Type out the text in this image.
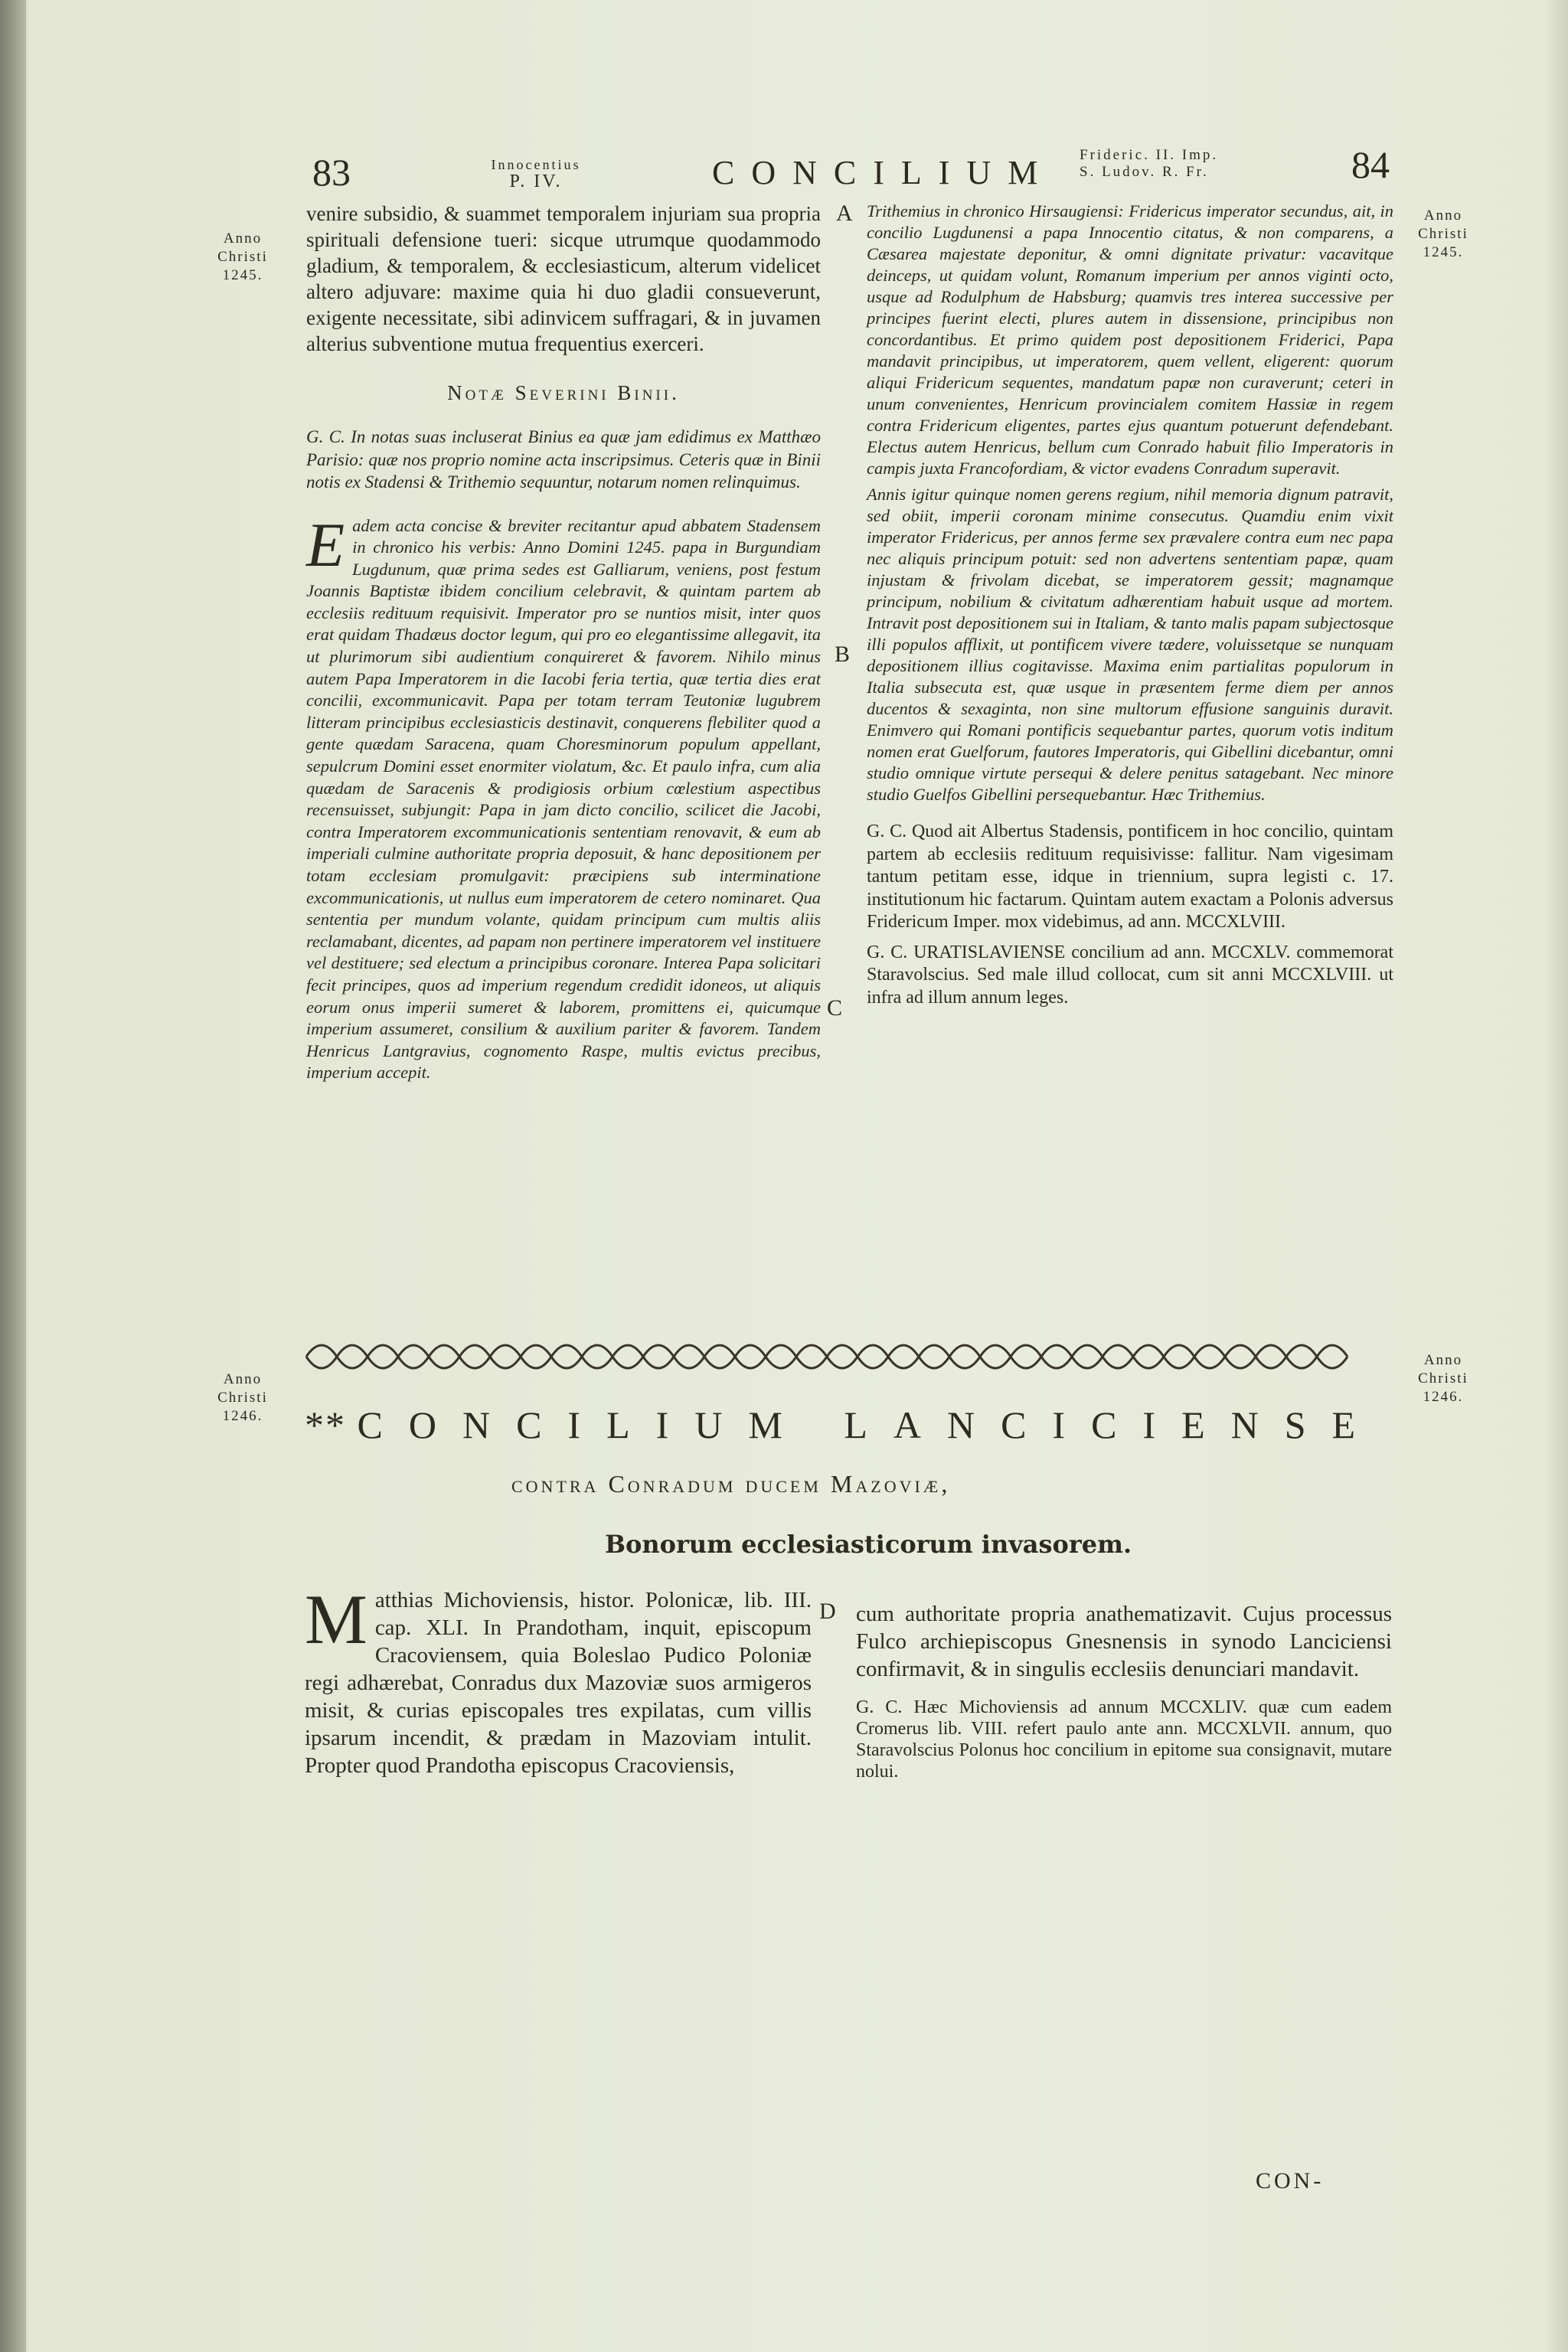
83	Innocentius
P. IV.	CONCILIUM Frideric. II. Imp.
S. Ludov. R. Fr.	84
Anno
Christi
1245.
Anno
Christi
1245.
Anno
Christi
1246.
Anno
Christi
1246.
A
B
C
D

venire subsidio, & suammet temporalem injuriam sua propria spirituali defensione tueri: sicque utrumque quodammodo gladium, & temporalem, & ecclesiasticum, alterum videlicet altero adjuvare: maxime quia hi duo gladii consueverunt, exigente necessitate, sibi adinvicem suffragari, & in juvamen alterius subventione mutua frequentius exerceri.

Notæ Severini Binii.

G. C. In notas suas incluserat Binius ea quæ jam edidimus ex Matthæo Parisio: quæ nos proprio nomine acta inscripsimus. Ceteris quæ in Binii notis ex Stadensi & Trithemio sequuntur, notarum nomen relinquimus.

Eadem acta concise & breviter recitantur apud abbatem Stadensem in chronico his verbis: Anno Domini 1245. papa in Burgundiam Lugdunum, quæ prima sedes est Galliarum, veniens, post festum Joannis Baptistæ ibidem concilium celebravit, & quintam partem ab ecclesiis redituum requisivit. Imperator pro se nuntios misit, inter quos erat quidam Thadæus doctor legum, qui pro eo elegantissime allegavit, ita ut plurimorum sibi audientium conquireret & favorem. Nihilo minus autem Papa Imperatorem in die Iacobi feria tertia, quæ tertia dies erat concilii, excommunicavit. Papa per totam terram Teutoniæ lugubrem litteram principibus ecclesiasticis destinavit, conquerens flebiliter quod a gente quædam Saracena, quam Choresminorum populum appellant, sepulcrum Domini esset enormiter violatum, &c. Et paulo infra, cum alia quædam de Saracenis & prodigiosis orbium cœlestium aspectibus recensuisset, subjungit: Papa in jam dicto concilio, scilicet die Jacobi, contra Imperatorem excommunicationis sententiam renovavit, & eum ab imperiali culmine authoritate propria deposuit, & hanc depositionem per totam ecclesiam promulgavit: præcipiens sub interminatione excommunicationis, ut nullus eum imperatorem de cetero nominaret. Qua sententia per mundum volante, quidam principum cum multis aliis reclamabant, dicentes, ad papam non pertinere imperatorem vel instituere vel destituere; sed electum a principibus coronare. Interea Papa solicitari fecit principes, quos ad imperium regendum credidit idoneos, ut aliquis eorum onus imperii sumeret & laborem, promittens ei, quicumque imperium assumeret, consilium & auxilium pariter & favorem. Tandem Henricus Lantgravius, cognomento Raspe, multis evictus precibus, imperium accepit.

Trithemius in chronico Hirsaugiensi: Fridericus imperator secundus, ait, in concilio Lugdunensi a papa Innocentio citatus, & non comparens, a Cæsarea majestate deponitur, & omni dignitate privatur: vacavitque deinceps, ut quidam volunt, Romanum imperium per annos viginti octo, usque ad Rodulphum de Habsburg; quamvis tres interea successive per principes fuerint electi, plures autem in dissensione, principibus non concordantibus. Et primo quidem post depositionem Friderici, Papa mandavit principibus, ut imperatorem, quem vellent, eligerent: quorum aliqui Fridericum sequentes, mandatum papæ non curaverunt; ceteri in unum convenientes, Henricum provincialem comitem Hassiæ in regem contra Fridericum eligentes, partes ejus quantum potuerunt defendebant. Electus autem Henricus, bellum cum Conrado habuit filio Imperatoris in campis juxta Francofordiam, & victor evadens Conradum superavit.

Annis igitur quinque nomen gerens regium, nihil memoria dignum patravit, sed obiit, imperii coronam minime consecutus. Quamdiu enim vixit imperator Fridericus, per annos ferme sex prævalere contra eum nec papa nec aliquis principum potuit: sed non advertens sententiam papæ, quam injustam & frivolam dicebat, se imperatorem gessit; magnamque principum, nobilium & civitatum adhærentiam habuit usque ad mortem. Intravit post depositionem sui in Italiam, & tanto malis papam subjectosque illi populos afflixit, ut pontificem vivere tædere, voluissetque se nunquam depositionem illius cogitavisse. Maxima enim partialitas populorum in Italia subsecuta est, quæ usque in præsentem ferme diem per annos ducentos & sexaginta, non sine multorum effusione sanguinis duravit. Enimvero qui Romani pontificis sequebantur partes, quorum votis inditum nomen erat Guelforum, fautores Imperatoris, qui Gibellini dicebantur, omni studio omnique virtute persequi & delere penitus satagebant. Nec minore studio Guelfos Gibellini persequebantur. Hæc Trithemius.

G. C. Quod ait Albertus Stadensis, pontificem in hoc concilio, quintam partem ab ecclesiis redituum requisivisse: fallitur. Nam vigesimam tantum petitam esse, idque in triennium, supra legisti c. 17. institutionum hic factarum. Quintam autem exactam a Polonis adversus Fridericum Imper. mox videbimus, ad ann. MCCXLVIII.

G. C. URATISLAVIENSE concilium ad ann. MCCXLV. commemorat Staravolscius. Sed male illud collocat, cum sit anni MCCXLVIII. ut infra ad illum annum leges.

** CONCILIUM LANCICIENSE
contra Conradum ducem Mazoviæ,
Bonorum ecclesiasticorum invasorem.

Matthias Michoviensis, histor. Polonicæ, lib. III. cap. XLI. In Prandotham, inquit, episcopum Cracoviensem, quia Boleslao Pudico Poloniæ regi adhærebat, Conradus dux Mazoviæ suos armigeros misit, & curias episcopales tres expilatas, cum villis ipsarum incendit, & prædam in Mazoviam intulit. Propter quod Prandotha episcopus Cracoviensis,

cum authoritate propria anathematizavit. Cujus processus Fulco archiepiscopus Gnesnensis in synodo Lanciciensi confirmavit, & in singulis ecclesiis denunciari mandavit.

G. C. Hæc Michoviensis ad annum MCCXLIV. quæ cum eadem Cromerus lib. VIII. refert paulo ante ann. MCCXLVII. annum, quo Staravolscius Polonus hoc concilium in epitome sua consignavit, mutare nolui.

CON-
